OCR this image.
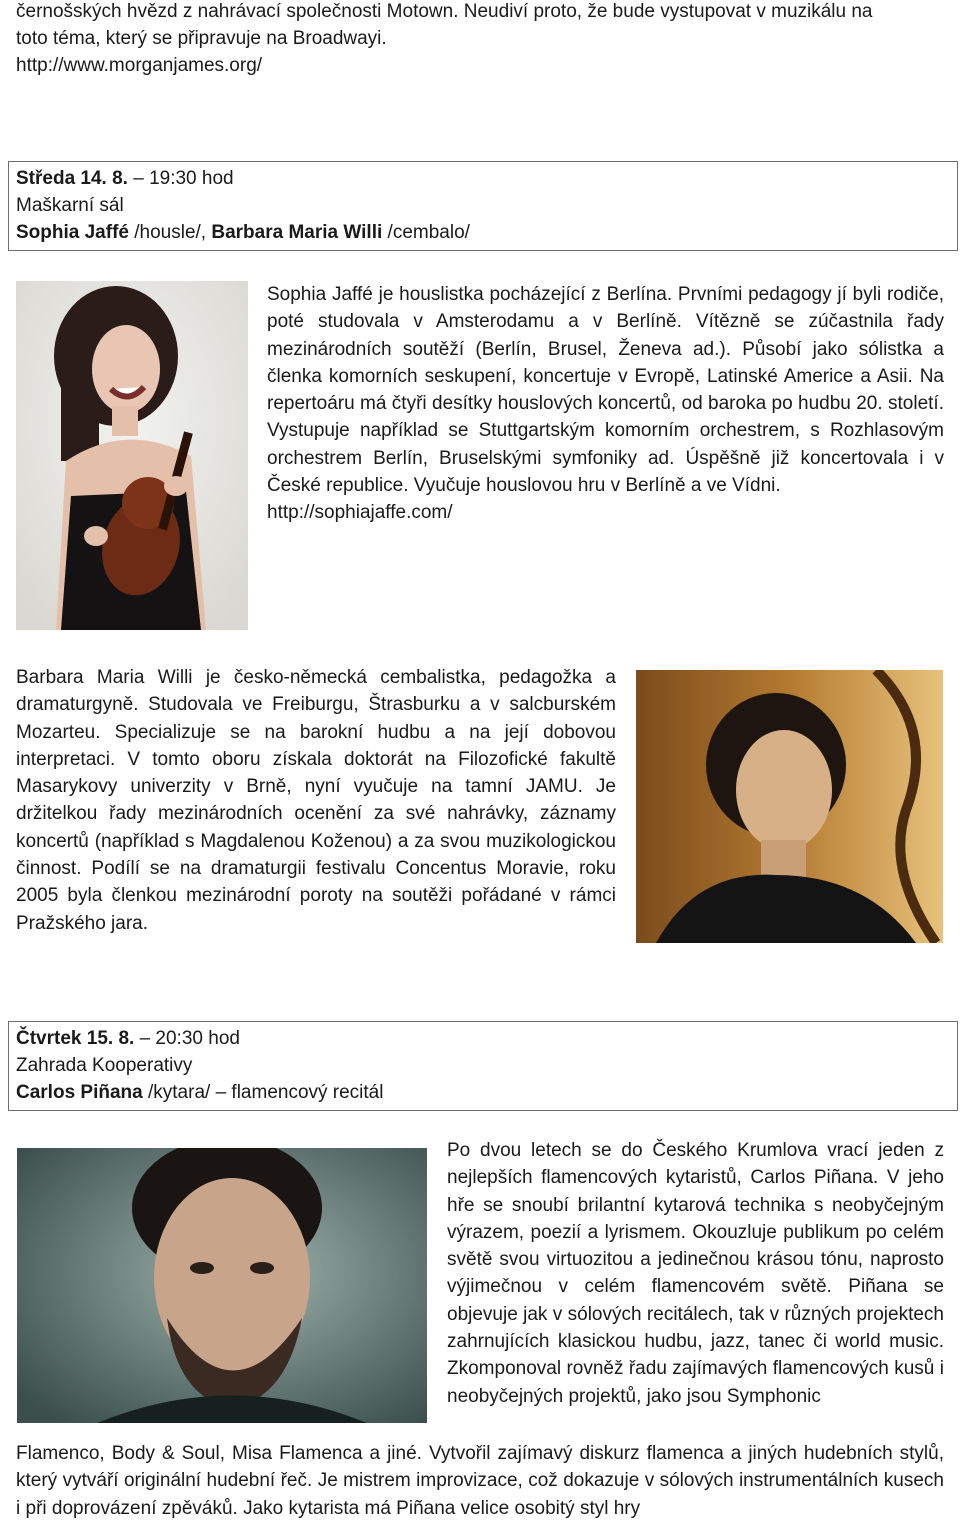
černošských hvězd z nahrávací společnosti Motown. Neudiví proto, že bude vystupovat v muzikálu na
toto téma, který se připravuje na Broadwayi.
http://www.morganjames.org/
Středa 14. 8. – 19:30 hod
Maškarní sál
Sophia Jaffé /housle/, Barbara Maria Willi /cembalo/
Sophia Jaffé je houslistka pocházející z Berlína. Prvními pedagogy jí byli rodiče, poté studovala v Amsterodamu a v Berlíně. Vítězně se zúčastnila řady mezinárodních soutěží (Berlín, Brusel, Ženeva ad.). Působí jako sólistka a členka komorních seskupení, koncertuje v Evropě, Latinské Americe a Asii. Na repertoáru má čtyři desítky houslových koncertů, od baroka po hudbu 20. století. Vystupuje například se Stuttgartským komorním orchestrem, s Rozhlasovým orchestrem Berlín, Bruselskými symfoniky ad. Úspěšně již koncertovala i v České republice. Vyučuje houslovou hru v Berlíně a ve Vídni.
http://sophiajaffe.com/
Barbara Maria Willi je česko-německá cembalistka, pedagožka a dramaturgyně. Studovala ve Freiburgu, Štrasburku a v salcburském Mozarteu. Specializuje se na barokní hudbu a na její dobovou interpretaci. V tomto oboru získala doktorát na Filozofické fakultě Masarykovy univerzity v Brně, nyní vyučuje na tamní JAMU. Je držitelkou řady mezinárodních ocenění za své nahrávky, záznamy koncertů (například s Magdalenou Koženou) a za svou muzikologickou činnost. Podílí se na dramaturgii festivalu Concentus Moravie, roku 2005 byla členkou mezinárodní poroty na soutěži pořádané v rámci Pražského jara.
Čtvrtek 15. 8. – 20:30 hod
Zahrada Kooperativy
Carlos Piñana /kytara/ – flamencový recitál
Po dvou letech se do Českého Krumlova vrací jeden z nejlepších flamencových kytaristů, Carlos Piñana. V jeho hře se snoubí brilantní kytarová technika s neobyčejným výrazem, poezií a lyrismem. Okouzluje publikum po celém světě svou virtuozitou a jedinečnou krásou tónu, naprosto výjimečnou v celém flamencovém světě. Piñana se objevuje jak v sólových recitálech, tak v různých projektech zahrnujících klasickou hudbu, jazz, tanec či world music. Zkomponoval rovněž řadu zajímavých flamencových kusů i neobyčejných projektů, jako jsou Symphonic
Flamenco, Body & Soul, Misa Flamenca a jiné. Vytvořil zajímavý diskurz flamenca a jiných hudebních stylů, který vytváří originální hudební řeč. Je mistrem improvizace, což dokazuje v sólových instrumentálních kusech i při doprovázení zpěváků. Jako kytarista má Piñana velice osobitý styl hry
